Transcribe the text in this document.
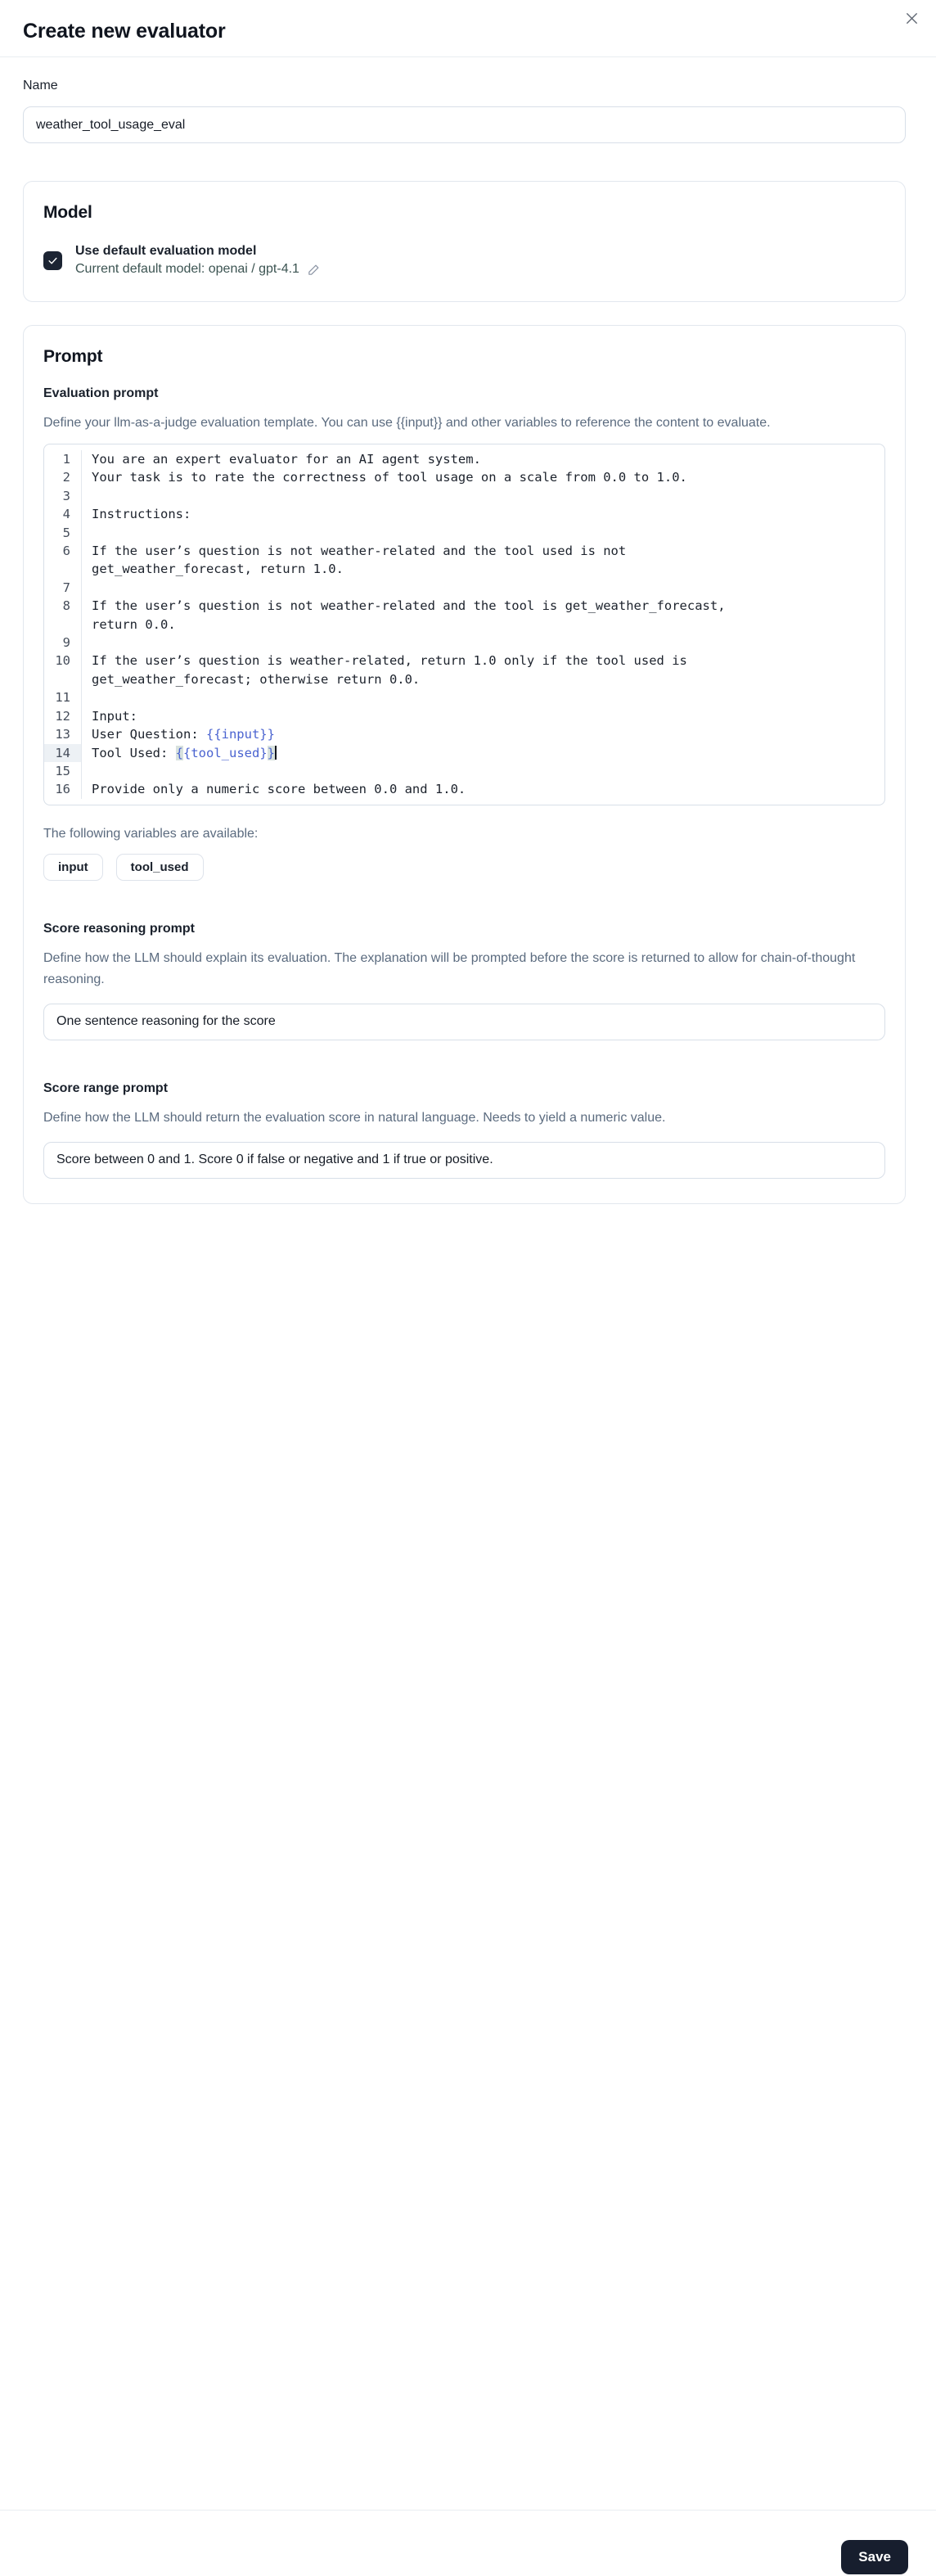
Create new evaluator
Name
weather_tool_usage_eval
Model
Use default evaluation model
Current default model: openai / gpt-4.1
Prompt
Evaluation prompt

Define your llm-as-a-judge evaluation template. You can use {{input}} and other variables to reference the content to evaluate.

1	You are an expert evaluator for an AI agent system.
2	Your task is to rate the correctness of tool usage on a scale from 0.0 to 1.0.
3

4	Instructions:
5

6	If the user’s question is not weather-related and the tool used is not

get_weather_forecast, return 1.0.
7

8	If the user’s question is not weather-related and the tool is get_weather_forecast,

return 0.0.
9

10	If the user’s question is weather-related, return 1.0 only if the tool used is

get_weather_forecast; otherwise return 0.0.
11

12	Input:
13	User Question: {{input}}
14	Tool Used: {{tool_used}}
15

16	Provide only a numeric score between 0.0 and 1.0.

The following variables are available:

input	tool_used
Score reasoning prompt

Define how the LLM should explain its evaluation. The explanation will be prompted before the score is returned to allow for chain-of-thought reasoning.

One sentence reasoning for the score
Score range prompt

Define how the LLM should return the evaluation score in natural language. Needs to yield a numeric value.

Score between 0 and 1. Score 0 if false or negative and 1 if true or positive.
Save
